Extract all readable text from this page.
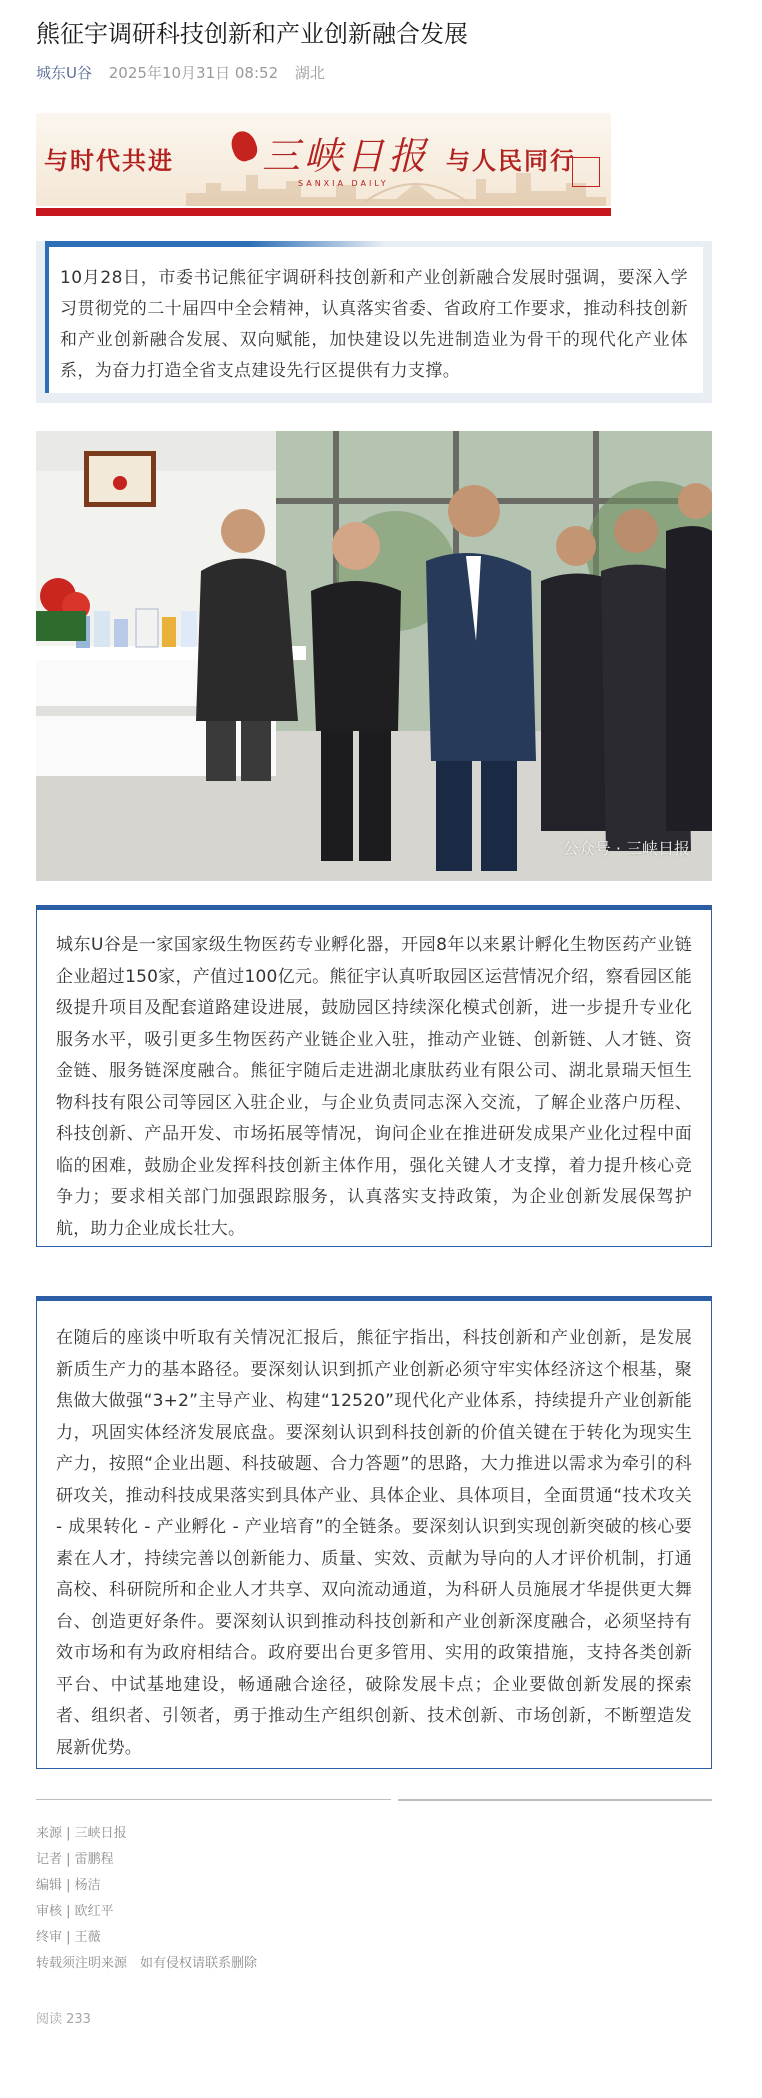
熊征宇调研科技创新和产业创新融合发展
城东U谷 2025年10月31日 08:52 湖北
与时代共进 三峡日报
SANXIA DAILY
与人民同行

10月28日，市委书记熊征宇调研科技创新和产业创新融合发展时强调，要深入学习贯彻党的二十届四中全会精神，认真落实省委、省政府工作要求，推动科技创新和产业创新融合发展、双向赋能，加快建设以先进制造业为骨干的现代化产业体系，为奋力打造全省支点建设先行区提供有力支撑。

公众号 · 三峡日报

城东U谷是一家国家级生物医药专业孵化器，开园8年以来累计孵化生物医药产业链企业超过150家，产值过100亿元。熊征宇认真听取园区运营情况介绍，察看园区能级提升项目及配套道路建设进展，鼓励园区持续深化模式创新，进一步提升专业化服务水平，吸引更多生物医药产业链企业入驻，推动产业链、创新链、人才链、资金链、服务链深度融合。熊征宇随后走进湖北康肽药业有限公司、湖北景瑞天恒生物科技有限公司等园区入驻企业，与企业负责同志深入交流，了解企业落户历程、科技创新、产品开发、市场拓展等情况，询问企业在推进研发成果产业化过程中面临的困难，鼓励企业发挥科技创新主体作用，强化关键人才支撑，着力提升核心竞争力；要求相关部门加强跟踪服务，认真落实支持政策，为企业创新发展保驾护航，助力企业成长壮大。

在随后的座谈中听取有关情况汇报后，熊征宇指出，科技创新和产业创新，是发展新质生产力的基本路径。要深刻认识到抓产业创新必须守牢实体经济这个根基，聚焦做大做强“3+2”主导产业、构建“12520”现代化产业体系，持续提升产业创新能力，巩固实体经济发展底盘。要深刻认识到科技创新的价值关键在于转化为现实生产力，按照“企业出题、科技破题、合力答题”的思路，大力推进以需求为牵引的科研攻关，推动科技成果落实到具体产业、具体企业、具体项目，全面贯通“技术攻关 - 成果转化 - 产业孵化 - 产业培育”的全链条。要深刻认识到实现创新突破的核心要素在人才，持续完善以创新能力、质量、实效、贡献为导向的人才评价机制，打通高校、科研院所和企业人才共享、双向流动通道，为科研人员施展才华提供更大舞台、创造更好条件。要深刻认识到推动科技创新和产业创新深度融合，必须坚持有效市场和有为政府相结合。政府要出台更多管用、实用的政策措施，支持各类创新平台、中试基地建设，畅通融合途径，破除发展卡点；企业要做创新发展的探索者、组织者、引领者，勇于推动生产组织创新、技术创新、市场创新，不断塑造发展新优势。

来源 | 三峡日报
记者 | 雷鹏程
编辑 | 杨洁
审核 | 欧红平
终审 | 王薇
转载须注明来源　如有侵权请联系删除
阅读 233
